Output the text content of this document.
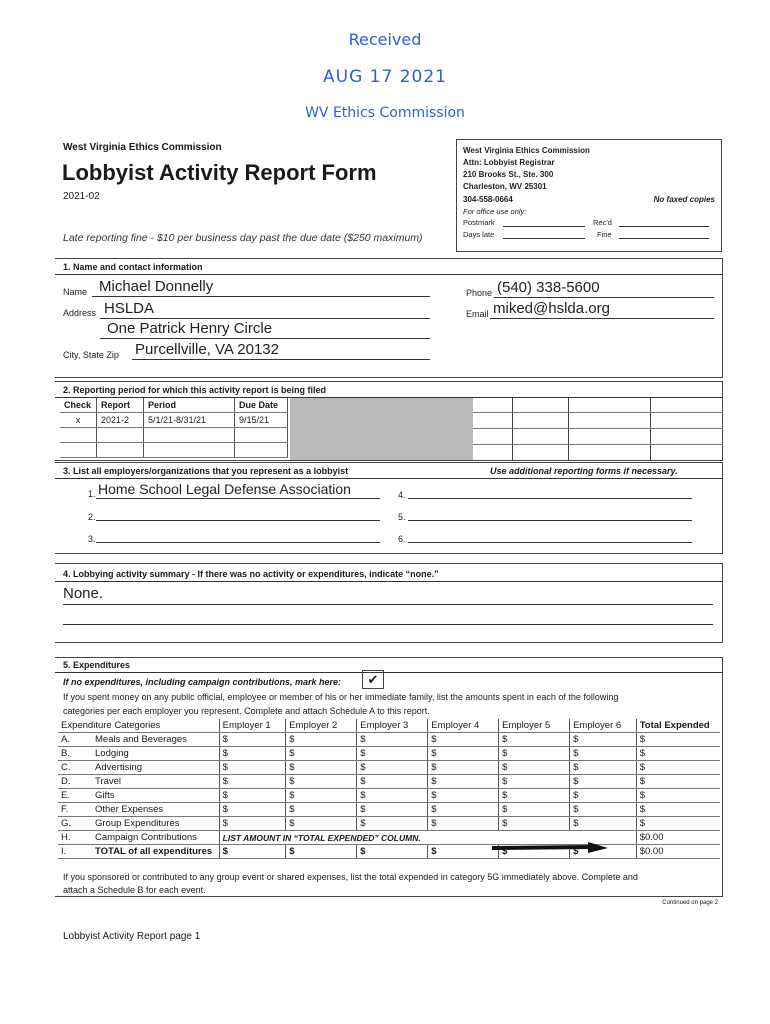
Received
AUG 17 2021
WV Ethics Commission
West Virginia Ethics Commission
Lobbyist Activity Report Form
2021-02
Late reporting fine - $10 per business day past the due date ($250 maximum)
West Virginia Ethics Commission
Attn: Lobbyist Registrar
210 Brooks St., Ste. 300
Charleston, WV 25301
304-558-0664	No faxed copies
For office use only:
Postmark	Rec'd
Days late	Fine
1. Name and contact information
Name Michael Donnelly
Address HSLDA
One Patrick Henry Circle
City, State Zip Purcellville, VA 20132
Phone (540) 338-5600
Email miked@hslda.org
2. Reporting period for which this activity report is being filed
Check	Report	Period	Due Date
x	2021-2	5/1/21-8/31/21	9/15/21

3. List all employers/organizations that you represent as a lobbyist	Use additional reporting forms if necessary.
1. Home School Legal Defense Association
2.
3.
4.
5.
6.
4. Lobbying activity summary - If there was no activity or expenditures, indicate “none.”
None.
5. Expenditures
If no expenditures, including campaign contributions, mark here:	✔
If you spent money on any public official, employee or member of his or her immediate family, list the amounts spent in each of the following
categories per each employer you represent. Complete and attach Schedule A to this report.
Expenditure Categories	Employer 1	Employer 2	Employer 3	Employer 4	Employer 5	Employer 6	Total Expended
A. Meals and Beverages	$	$	$	$	$	$	$
B. Lodging	$	$	$	$	$	$	$
C. Advertising	$	$	$	$	$	$	$
D. Travel	$	$	$	$	$	$	$
E. Gifts	$	$	$	$	$	$	$
F. Other Expenses	$	$	$	$	$	$	$
G. Group Expenditures	$	$	$	$	$	$	$
H. Campaign Contributions	LIST AMOUNT IN “TOTAL EXPENDED” COLUMN.						$0.00
I. TOTAL of all expenditures	$	$	$	$	$	$	$0.00
If you sponsored or contributed to any group event or shared expenses, list the total expended in category 5G immediately above. Complete and
attach a Schedule B for each event.
Continued on page 2
Lobbyist Activity Report page 1
